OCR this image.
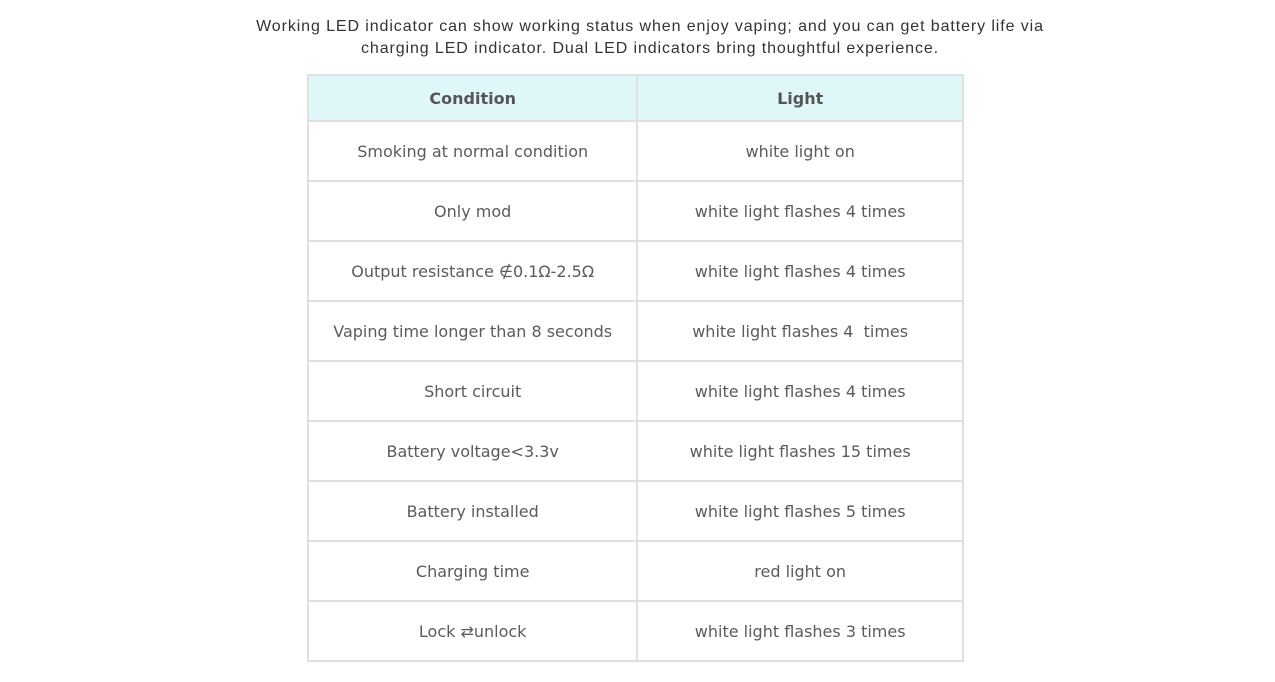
Working LED indicator can show working status when enjoy vaping; and you can get battery life via
charging LED indicator. Dual LED indicators bring thoughtful experience.

Condition	Light
Smoking at normal condition	white light on
Only mod	white light flashes 4 times
Output resistance ∉0.1Ω-2.5Ω	white light flashes 4 times
Vaping time longer than 8 seconds	white light flashes 4  times
Short circuit	white light flashes 4 times
Battery voltage<3.3v	white light flashes 15 times
Battery installed	white light flashes 5 times
Charging time	red light on
Lock ⇄unlock	white light flashes 3 times
